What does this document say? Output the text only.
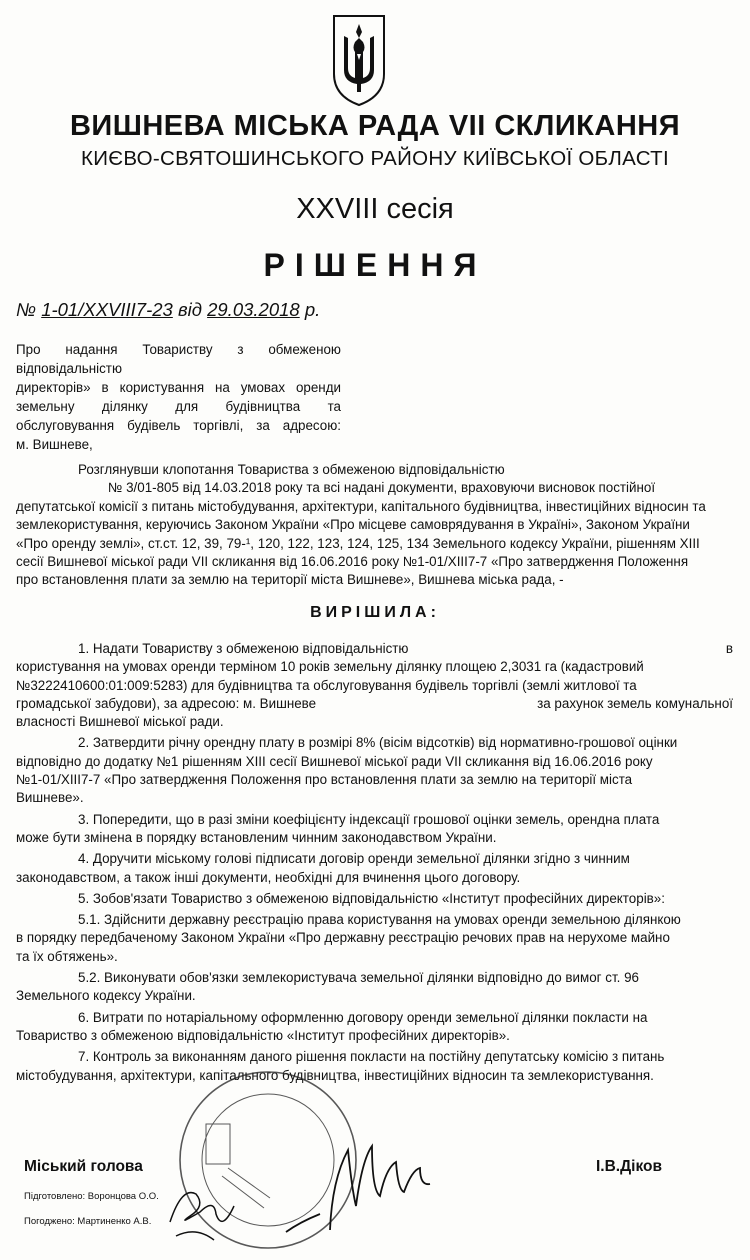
ВИШНЕВА МІСЬКА РАДА VII СКЛИКАННЯ
КИЄВО-СВЯТОШИНСЬКОГО РАЙОНУ КИЇВСЬКОЇ ОБЛАСТІ
XXVIII сесія
РІШЕННЯ
№ 1-01/XXVIII7-23 від 29.03.2018 р.
Про надання Товариству з обмеженою
відповідальністю
директорів» в користування на умовах оренди
земельну ділянку для будівництва та
обслуговування будівель торгівлі, за адресою:
м. Вишневе,
Розглянувши клопотання Товариства з обмеженою відповідальністю
№ 3/01-805 від 14.03.2018 року та всі надані документи, враховуючи висновок постійної
депутатської комісії з питань містобудування, архітектури, капітального будівництва, інвестиційних відносин та
землекористування, керуючись Законом України «Про місцеве самоврядування в Україні», Законом України
«Про оренду землі», ст.ст. 12, 39, 79-¹, 120, 122, 123, 124, 125, 134 Земельного кодексу України, рішенням XIII
сесії Вишневої міської ради VII скликання від 16.06.2016 року №1-01/XIII7-7 «Про затвердження Положення
про встановлення плати за землю на території міста Вишневе», Вишнева міська рада, -
ВИРІШИЛА:
1. Надати Товариству з обмеженою відповідальністю	в
користування на умовах оренди терміном 10 років земельну ділянку площею 2,3031 га (кадастровий
№3222410600:01:009:5283) для будівництва та обслуговування будівель торгівлі (землі житлової та
громадської забудови), за адресою: м. Вишневе	за рахунок земель комунальної
власності Вишневої міської ради.
2. Затвердити річну орендну плату в розмірі 8% (вісім відсотків) від нормативно-грошової оцінки
відповідно до додатку №1 рішенням XIII сесії Вишневої міської ради VII скликання від 16.06.2016 року
№1-01/XIII7-7 «Про затвердження Положення про встановлення плати за землю на території міста
Вишневе».
3. Попередити, що в разі зміни коефіцієнту індексації грошової оцінки земель, орендна плата
може бути змінена в порядку встановленим чинним законодавством України.
4. Доручити міському голові підписати договір оренди земельної ділянки згідно з чинним
законодавством, а також інші документи, необхідні для вчинення цього договору.
5. Зобов'язати Товариство з обмеженою відповідальністю «Інститут професійних директорів»:
5.1. Здійснити державну реєстрацію права користування на умовах оренди земельною ділянкою
в порядку передбаченому Законом України «Про державну реєстрацію речових прав на нерухоме майно
та їх обтяжень».
5.2. Виконувати обов'язки землекористувача земельної ділянки відповідно до вимог ст. 96
Земельного кодексу України.
6. Витрати по нотаріальному оформленню договору оренди земельної ділянки покласти на
Товариство з обмеженою відповідальністю «Інститут професійних директорів».
7. Контроль за виконанням даного рішення покласти на постійну депутатську комісію з питань
містобудування, архітектури, капітального будівництва, інвестиційних відносин та землекористування.
Міський голова	І.В.Діков
Підготовлено: Воронцова О.О.
Погоджено: Мартиненко А.В.
